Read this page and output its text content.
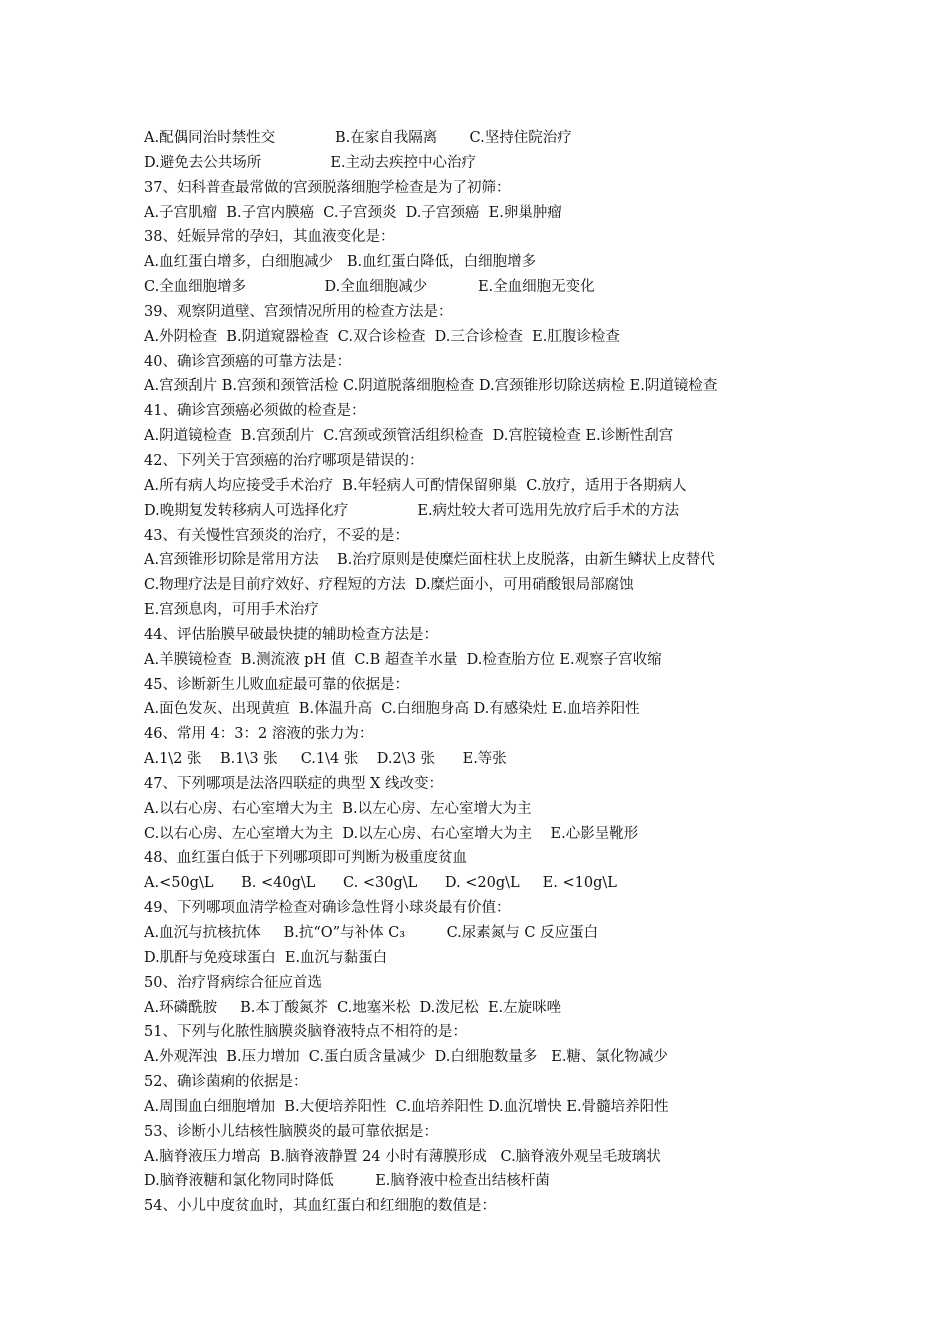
A.配偶同治时禁性交             B.在家自我隔离       C.坚持住院治疗
D.避免去公共场所               E.主动去疾控中心治疗
37、妇科普查最常做的宫颈脱落细胞学检查是为了初筛：
A.子宫肌瘤  B.子宫内膜癌  C.子宫颈炎  D.子宫颈癌  E.卵巢肿瘤
38、妊娠异常的孕妇，其血液变化是：
A.血红蛋白增多，白细胞减少   B.血红蛋白降低，白细胞增多
C.全血细胞增多                 D.全血细胞减少           E.全血细胞无变化
39、观察阴道壁、宫颈情况所用的检查方法是：
A.外阴检查  B.阴道窥器检查  C.双合诊检查  D.三合诊检查  E.肛腹诊检查
40、确诊宫颈癌的可靠方法是：
A.宫颈刮片 B.宫颈和颈管活检 C.阴道脱落细胞检查 D.宫颈锥形切除送病检 E.阴道镜检查
41、确诊宫颈癌必须做的检查是：
A.阴道镜检查  B.宫颈刮片  C.宫颈或颈管活组织检查  D.宫腔镜检查 E.诊断性刮宫
42、下列关于宫颈癌的治疗哪项是错误的：
A.所有病人均应接受手术治疗  B.年轻病人可酌情保留卵巢  C.放疗，适用于各期病人
D.晚期复发转移病人可选择化疗               E.病灶较大者可选用先放疗后手术的方法
43、有关慢性宫颈炎的治疗，不妥的是：
A.宫颈锥形切除是常用方法    B.治疗原则是使糜烂面柱状上皮脱落，由新生鳞状上皮替代
C.物理疗法是目前疗效好、疗程短的方法  D.糜烂面小，可用硝酸银局部腐蚀
E.宫颈息肉，可用手术治疗
44、评估胎膜早破最快捷的辅助检查方法是：
A.羊膜镜检查  B.测流液 pH 值  C.B 超查羊水量  D.检查胎方位 E.观察子宫收缩
45、诊断新生儿败血症最可靠的依据是：
A.面色发灰、出现黄疸  B.体温升高  C.白细胞身高 D.有感染灶 E.血培养阳性
46、常用 4：3：2 溶液的张力为：
A.1\2 张    B.1\3 张     C.1\4 张    D.2\3 张      E.等张
47、下列哪项是法洛四联症的典型 X 线改变：
A.以右心房、右心室增大为主  B.以左心房、左心室增大为主
C.以右心房、左心室增大为主  D.以左心房、右心室增大为主    E.心影呈靴形
48、血红蛋白低于下列哪项即可判断为极重度贫血
A.<50g\L      B. <40g\L      C. <30g\L      D. <20g\L     E. <10g\L
49、下列哪项血清学检查对确诊急性肾小球炎最有价值：
A.血沉与抗核抗体     B.抗“O”与补体 C₃         C.尿素氮与 C 反应蛋白
D.肌酐与免疫球蛋白  E.血沉与黏蛋白
50、治疗肾病综合征应首选
A.环磷酰胺     B.本丁酸氮芥  C.地塞米松  D.泼尼松  E.左旋咪唑
51、下列与化脓性脑膜炎脑脊液特点不相符的是：
A.外观浑浊  B.压力增加  C.蛋白质含量减少  D.白细胞数量多   E.糖、氯化物减少
52、确诊菌痢的依据是：
A.周围血白细胞增加  B.大便培养阳性  C.血培养阳性 D.血沉增快 E.骨髓培养阳性
53、诊断小儿结核性脑膜炎的最可靠依据是：
A.脑脊液压力增高  B.脑脊液静置 24 小时有薄膜形成   C.脑脊液外观呈毛玻璃状
D.脑脊液糖和氯化物同时降低         E.脑脊液中检查出结核杆菌
54、小儿中度贫血时，其血红蛋白和红细胞的数值是：
